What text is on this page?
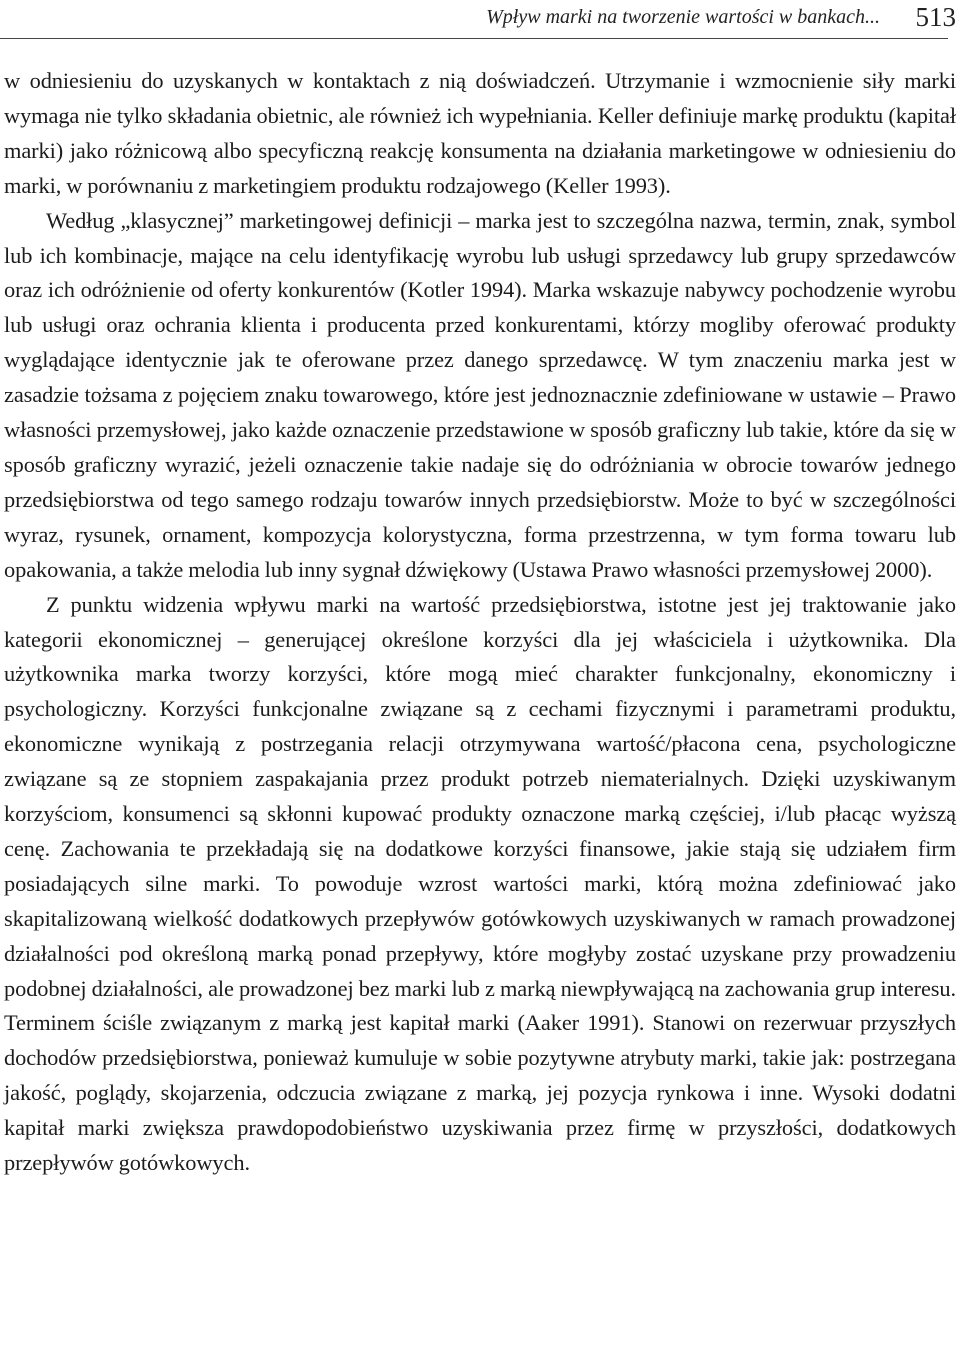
Wpływ marki na tworzenie wartości w bankach... 513

w odniesieniu do uzyskanych w kontaktach z nią doświadczeń. Utrzymanie i wzmocnienie siły marki wymaga nie tylko składania obietnic, ale również ich wypełniania. Keller definiuje markę produktu (kapitał marki) jako różnicową albo specyficzną reakcję konsumenta na działania marketingowe w odniesieniu do marki, w porównaniu z marketingiem produktu rodzajowego (Keller 1993).

Według „klasycznej” marketingowej definicji – marka jest to szczególna nazwa, termin, znak, symbol lub ich kombinacje, mające na celu identyfikację wyrobu lub usługi sprzedawcy lub grupy sprzedawców oraz ich odróżnienie od oferty konkurentów (Kotler 1994). Marka wskazuje nabywcy pochodzenie wyrobu lub usługi oraz ochrania klienta i producenta przed konkurentami, którzy mogliby oferować produkty wyglądające identycznie jak te oferowane przez danego sprzedawcę. W tym znaczeniu marka jest w zasadzie tożsama z pojęciem znaku towarowego, które jest jednoznacznie zdefiniowane w ustawie – Prawo własności przemysłowej, jako każde oznaczenie przedstawione w sposób graficzny lub takie, które da się w sposób graficzny wyrazić, jeżeli oznaczenie takie nadaje się do odróżniania w obrocie towarów jednego przedsiębiorstwa od tego samego rodzaju towarów innych przedsiębiorstw. Może to być w szczególności wyraz, rysunek, ornament, kompozycja kolorystyczna, forma przestrzenna, w tym forma towaru lub opakowania, a także melodia lub inny sygnał dźwiękowy (Ustawa Prawo własności przemysłowej 2000).

Z punktu widzenia wpływu marki na wartość przedsiębiorstwa, istotne jest jej traktowanie jako kategorii ekonomicznej – generującej określone korzyści dla jej właściciela i użytkownika. Dla użytkownika marka tworzy korzyści, które mogą mieć charakter funkcjonalny, ekonomiczny i psychologiczny. Korzyści funkcjonalne związane są z cechami fizycznymi i parametrami produktu, ekonomiczne wynikają z postrzegania relacji otrzymywana wartość/płacona cena, psychologiczne związane są ze stopniem zaspakajania przez produkt potrzeb niematerialnych. Dzięki uzyskiwanym korzyściom, konsumenci są skłonni kupować produkty oznaczone marką częściej, i/lub płacąc wyższą cenę. Zachowania te przekładają się na dodatkowe korzyści finansowe, jakie stają się udziałem firm posiadających silne marki. To powoduje wzrost wartości marki, którą można zdefiniować jako skapitalizowaną wielkość dodatkowych przepływów gotówkowych uzyskiwanych w ramach prowadzonej działalności pod określoną marką ponad przepływy, które mogłyby zostać uzyskane przy prowadzeniu podobnej działalności, ale prowadzonej bez marki lub z marką niewpływającą na zachowania grup interesu. Terminem ściśle związanym z marką jest kapitał marki (Aaker 1991). Stanowi on rezerwuar przyszłych dochodów przedsiębiorstwa, ponieważ kumuluje w sobie pozytywne atrybuty marki, takie jak: postrzegana jakość, poglądy, skojarzenia, odczucia związane z marką, jej pozycja rynkowa i inne. Wysoki dodatni kapitał marki zwiększa prawdopodobieństwo uzyskiwania przez firmę w przyszłości, dodatkowych przepływów gotówkowych.
